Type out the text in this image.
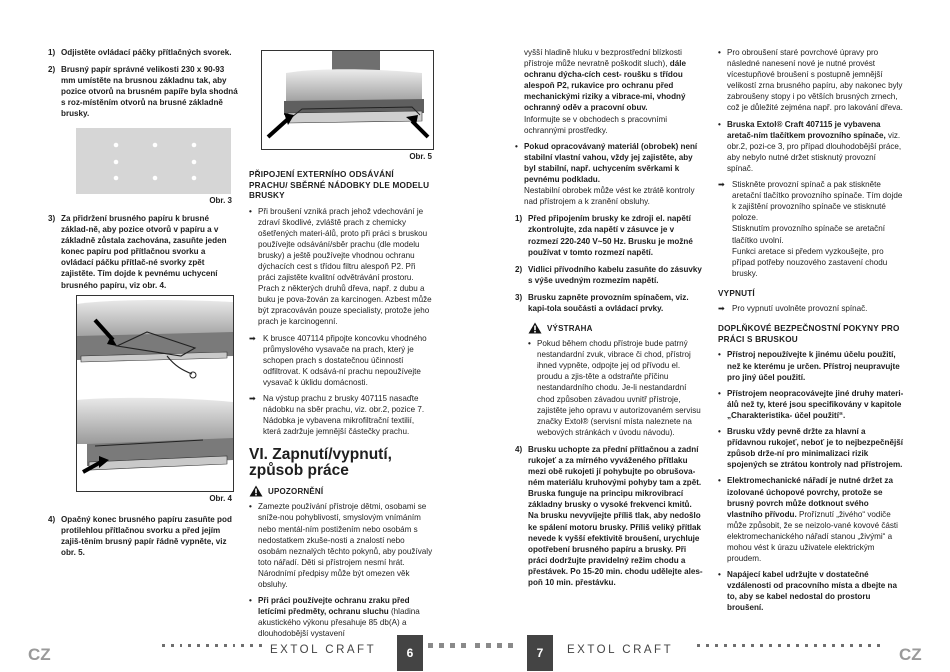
1) Odjistěte ovládací páčky přítlačných svorek.
2) Brusný papír správné velikosti 230 x 90-93 mm umístěte na brusnou základnu tak, aby pozice otvorů na brusném papíře byla shodná s roz-místěním otvorů na brusné základně brusky.
Obr. 3
3) Za přidržení brusného papíru k brusné základ-ně, aby pozice otvorů v papíru a v základně zůstala zachována, zasuňte jeden konec papíru pod přítlačnou svorku a ovládací páčku přítlač-né svorky zpět zajistěte. Tím dojde k pevnému uchycení brusného papíru, viz obr. 4.
Obr. 4
4) Opačný konec brusného papíru zasuňte pod protilehlou přítlačnou svorku a před jejím zajiš-těním brusný papír řádně vypněte, viz obr. 5.
Obr. 5
PŘIPOJENÍ EXTERNÍHO ODSÁVÁNÍ PRACHU/ SBĚRNÉ NÁDOBKY DLE MODELU BRUSKY
• Při broušení vzniká prach jehož vdechování je zdraví škodlivé, zvláště prach z chemicky ošetřených materi-álů, proto při práci s bruskou používejte odsávání/sběr prachu (dle modelu brusky) a ještě používejte vhodnou ochranu dýchacích cest s třídou filtru alespoň P2. Při práci zajistěte kvalitní odvětrávání prostoru. Prach z některých druhů dřeva, např. z dubu a buku je pova-žován za karcinogen. Azbest může být zpracováván pouze specialisty, protože jeho prach je karcinogenní.
➡ K brusce 407114 připojte koncovku vhodného průmyslového vysavače na prach, který je schopen prach s dostatečnou účinností odfiltrovat. K odsává-ní prachu nepoužívejte vysavač k úklidu domácnosti.
➡ Na výstup prachu z brusky 407115 nasaďte nádobku na sběr prachu, viz. obr.2, pozice 7.
Nádobka je vybavena mikrofiltrační textilií, která zadržuje jemnější částečky prachu.
VI. Zapnutí/vypnutí, způsob práce
UPOZORNĚNÍ
• Zamezte používání přístroje dětmi, osobami se sníže-nou pohyblivostí, smyslovým vnímáním nebo mentál-ním postižením nebo osobám s nedostatkem zkuše-nosti a znalostí nebo osobám neznalých těchto pokynů, aby používaly toto nářadí. Děti si přístrojem nesmí hrát. Národnímí předpisy může být omezen věk obsluhy.
• Při práci používejte ochranu zraku před letícími předměty, ochranu sluchu (hladina akustického výkonu přesahuje 85 db(A) a dlouhodobější vystavení
CZ	EXTOL CRAFT	6

vyšší hladině hluku v bezprostřední blízkosti přístroje může nevratně poškodit sluch), dále ochranu dýcha-cích cest- roušku s třídou alespoň P2, rukavice pro ochranu před mechanickými riziky a vibrace-mi, vhodný ochranný oděv a pracovní obuv.
Informujte se v obchodech s pracovními ochrannými prostředky.

• Pokud opracovávaný materiál (obrobek) není stabilní vlastní vahou, vždy jej zajistěte, aby byl stabilní, např. uchycením svěrkami k pevnému podkladu.
Nestabilní obrobek může vést ke ztrátě kontroly nad přístrojem a k zranění obsluhy.
1) Před připojením brusky ke zdroji el. napětí zkontrolujte, zda napětí v zásuvce je v rozmezí 220-240 V~50 Hz. Brusku je možné používat v tomto rozmezí napětí.
2) Vidlici přívodního kabelu zasuňte do zásuvky s výše uvedným rozmezím napětí.
3) Brusku zapněte provozním spínačem, viz. kapi-tola součásti a ovládací prvky.
VÝSTRAHA
• Pokud během chodu přístroje bude patrný nestandardní zvuk, vibrace či chod, přístroj ihned vypněte, odpojte jej od přívodu el. proudu a zjis-těte a odstraňte příčinu nestandardního chodu. Je-li nestandardní chod způsoben závadou uvnitř přístroje, zajistěte jeho opravu v autorizovaném servisu značky Extol® (servisní místa naleznete na webových stránkách v úvodu návodu).
4) Brusku uchopte za přední přítlačnou a zadní rukojeť a za mírného vyváženého přítlaku mezi obě rukojeti jí pohybujte po obrušova-ném materiálu kruhovými pohyby tam a zpět. Bruska funguje na principu mikrovibrací základny brusky o vysoké frekvenci kmitů. Na brusku nevyvíjejte příliš tlak, aby nedošlo ke spálení motoru brusky. Příliš veliký přítlak nevede k vyšší efektivitě broušení, urychluje opotřebení brusného papíru a brusky. Při práci dodržujte pravidelný režim chodu a přestávek. Po 15-20 min. chodu udělejte ales-poň 10 min. přestávku.
• Pro obroušení staré povrchové úpravy pro následné nanesení nové je nutné provést vícestupňové broušení s postupně jemnější velikostí zrna brusného papíru, aby nakonec byly zabroušeny stopy i po větších brusných zrnech, což je důležité zejména např. pro lakování dřeva.
• Bruska Extol® Craft 407115 je vybavena aretač-ním tlačítkem provozního spínače, viz. obr.2, pozi-ce 3, pro případ dlouhodobější práce, aby nebylo nutné držet stisknutý provozní spínač.
➡ Stiskněte provozní spínač a pak stiskněte aretační tlačítko provozního spínače. Tím dojde k zajištění provozního spínače ve stisknuté poloze.
Stisknutím provozního spínače se aretační tlačítko uvolní.
Funkci aretace si předem vyzkoušejte, pro případ potřeby nouzového zastavení chodu brusky.
VYPNUTÍ
➡ Pro vypnutí uvolněte provozní spínač.
DOPLŇKOVÉ BEZPEČNOSTNÍ POKYNY PRO PRÁCI S BRUSKOU
• Přístroj nepoužívejte k jinému účelu použití, než ke kterému je určen. Přístroj neupravujte pro jiný účel použití.
• Přístrojem neopracovávejte jiné druhy materi-álů než ty, které jsou specifikovány v kapitole „Charakteristika- účel použití“.
• Brusku vždy pevně držte za hlavní a přídavnou rukojeť, neboť je to nejbezpečnější způsob drže-ní pro minimalizaci rizik spojených se ztrátou kontroly nad přístrojem.
• Elektromechanické nářadí je nutné držet za izolované úchopové povrchy, protože se brusný povrch může dotknout svého vlastního přívodu. Proříznutí „živého“ vodiče může způsobit, že se neizolo-vané kovové části elektromechanického nářadí stanou „živými“ a mohou vést k úrazu uživatele elektrickým proudem.
• Napájecí kabel udržujte v dostatečné vzdálenosti od pracovního místa a dbejte na to, aby se kabel nedostal do prostoru broušení.
7	EXTOL CRAFT	CZ
